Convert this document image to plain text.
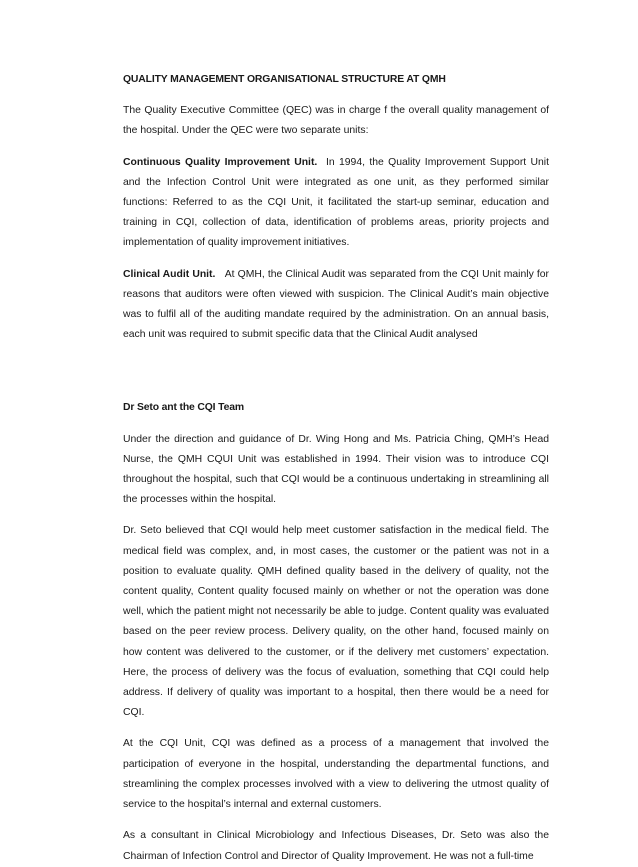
QUALITY MANAGEMENT ORGANISATIONAL STRUCTURE AT QMH

The Quality Executive Committee (QEC) was in charge f the overall quality management of the hospital. Under the QEC were two separate units:

Continuous Quality Improvement Unit. In 1994, the Quality Improvement Support Unit and the Infection Control Unit were integrated as one unit, as they performed similar functions: Referred to as the CQI Unit, it facilitated the start-up seminar, education and training in CQI, collection of data, identification of problems areas, priority projects and implementation of quality improvement initiatives.

Clinical Audit Unit. At QMH, the Clinical Audit was separated from the CQI Unit mainly for reasons that auditors were often viewed with suspicion. The Clinical Audit’s main objective was to fulfil all of the auditing mandate required by the administration. On an annual basis, each unit was required to submit specific data that the Clinical Audit analysed

Dr Seto ant the CQI Team

Under the direction and guidance of Dr. Wing Hong and Ms. Patricia Ching, QMH’s Head Nurse, the QMH CQUI Unit was established in 1994. Their vision was to introduce CQI throughout the hospital, such that CQI would be a continuous undertaking in streamlining all the processes within the hospital.

Dr. Seto believed that CQI would help meet customer satisfaction in the medical field. The medical field was complex, and, in most cases, the customer or the patient was not in a position to evaluate quality. QMH defined quality based in the delivery of quality, not the content quality, Content quality focused mainly on whether or not the operation was done well, which the patient might not necessarily be able to judge. Content quality was evaluated based on the peer review process. Delivery quality, on the other hand, focused mainly on how content was delivered to the customer, or if the delivery met customers’ expectation. Here, the process of delivery was the focus of evaluation, something that CQI could help address. If delivery of quality was important to a hospital, then there would be a need for CQI.

At the CQI Unit, CQI was defined as a process of a management that involved the participation of everyone in the hospital, understanding the departmental functions, and streamlining the complex processes involved with a view to delivering the utmost quality of service to the hospital’s internal and external customers.

As a consultant in Clinical Microbiology and Infectious Diseases, Dr. Seto was also the Chairman of Infection Control and Director of Quality Improvement. He was not a full-time
